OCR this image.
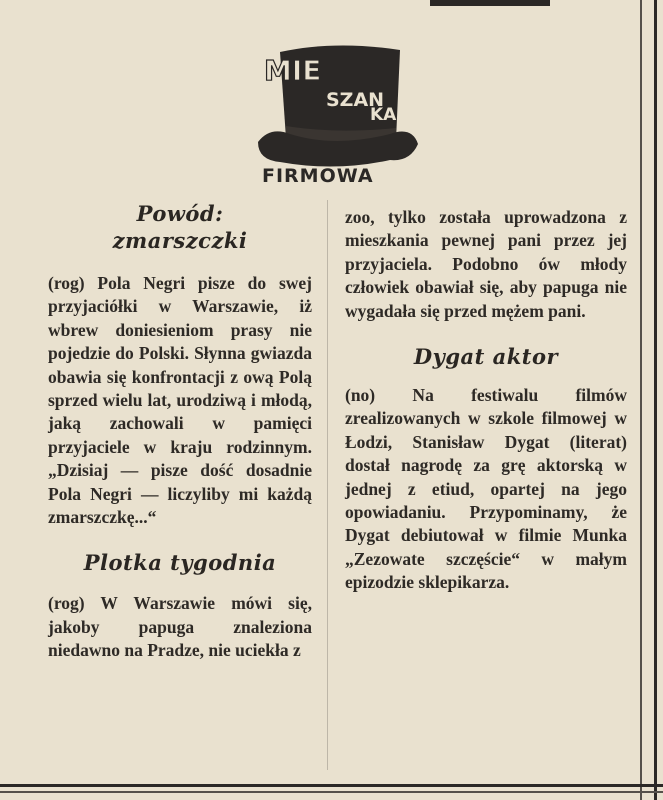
MIE
SZAN
KA
FIRMOWA
Powód:
zmarszczki
(rog) Pola Negri pisze do swej przyjaciółki w Warszawie, iż wbrew doniesieniom prasy nie pojedzie do Polski. Słynna gwiazda obawia się konfrontacji z ową Polą sprzed wielu lat, urodziwą i młodą, jaką zachowali w pamięci przyjaciele w kraju rodzinnym. „Dzisiaj — pisze dość dosadnie Pola Negri — liczyliby mi każdą zmarszczkę...“
Plotka tygodnia
(rog) W Warszawie mówi się, jakoby papuga znaleziona niedawno na Pradze, nie uciekła z
zoo, tylko została uprowadzona z mieszkania pewnej pani przez jej przyjaciela. Podobno ów młody człowiek obawiał się, aby papuga nie wygadała się przed mężem pani.
Dygat aktor
(no) Na festiwalu filmów zrealizowanych w szkole filmowej w Łodzi, Stanisław Dygat (literat) dostał nagrodę za grę aktorską w jednej z etiud, opartej na jego opowiadaniu. Przypominamy, że Dygat debiutował w filmie Munka „Zezowate szczęście“ w małym epizodzie sklepikarza.
